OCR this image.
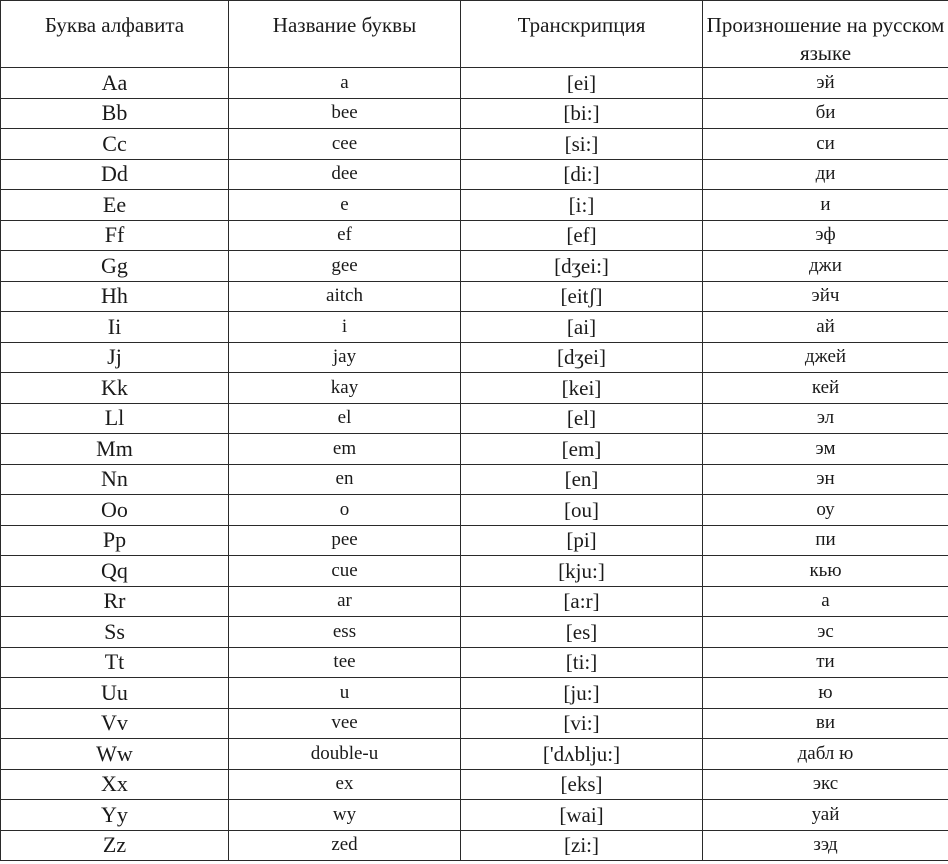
Буква алфавита	Название буквы	Транскрипция	Произношение на русском языке
Aa	a	[ei]	эй
Bb	bee	[bi:]	би
Cc	cee	[si:]	си
Dd	dee	[di:]	ди
Ee	e	[i:]	и
Ff	ef	[ef]	эф
Gg	gee	[dʒei:]	джи
Hh	aitch	[eitʃ]	эйч
Ii	i	[ai]	ай
Jj	jay	[dʒei]	джей
Kk	kay	[kei]	кей
Ll	el	[el]	эл
Mm	em	[em]	эм
Nn	en	[en]	эн
Oo	o	[ou]	оу
Pp	pee	[pi]	пи
Qq	cue	[kju:]	кью
Rr	ar	[a:r]	а
Ss	ess	[es]	эс
Tt	tee	[ti:]	ти
Uu	u	[ju:]	ю
Vv	vee	[vi:]	ви
Ww	double-u	['dʌblju:]	дабл ю
Xx	ex	[eks]	экс
Yy	wy	[wai]	уай
Zz	zed	[zi:]	зэд
